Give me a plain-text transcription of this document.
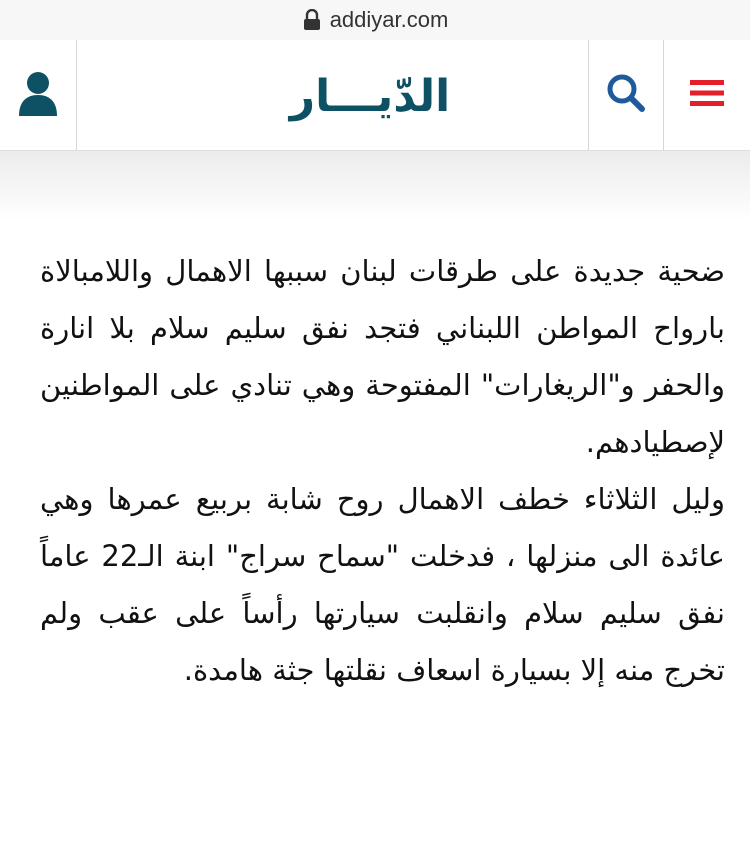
addiyar.com
الدّيـــار

ضحية جديدة على طرقات لبنان سببها الاهمال واللامبالاة بارواح المواطن اللبناني فتجد نفق سليم سلام بلا انارة والحفر و"الريغارات" المفتوحة وهي تنادي على المواطنين لإصطيادهم.

وليل الثلاثاء خطف الاهمال روح شابة بربيع عمرها وهي عائدة الى منزلها ، فدخلت "سماح سراج" ابنة الـ22 عاماً نفق سليم سلام وانقلبت سيارتها رأساً على عقب ولم تخرج منه إلا بسيارة اسعاف نقلتها جثة هامدة.
